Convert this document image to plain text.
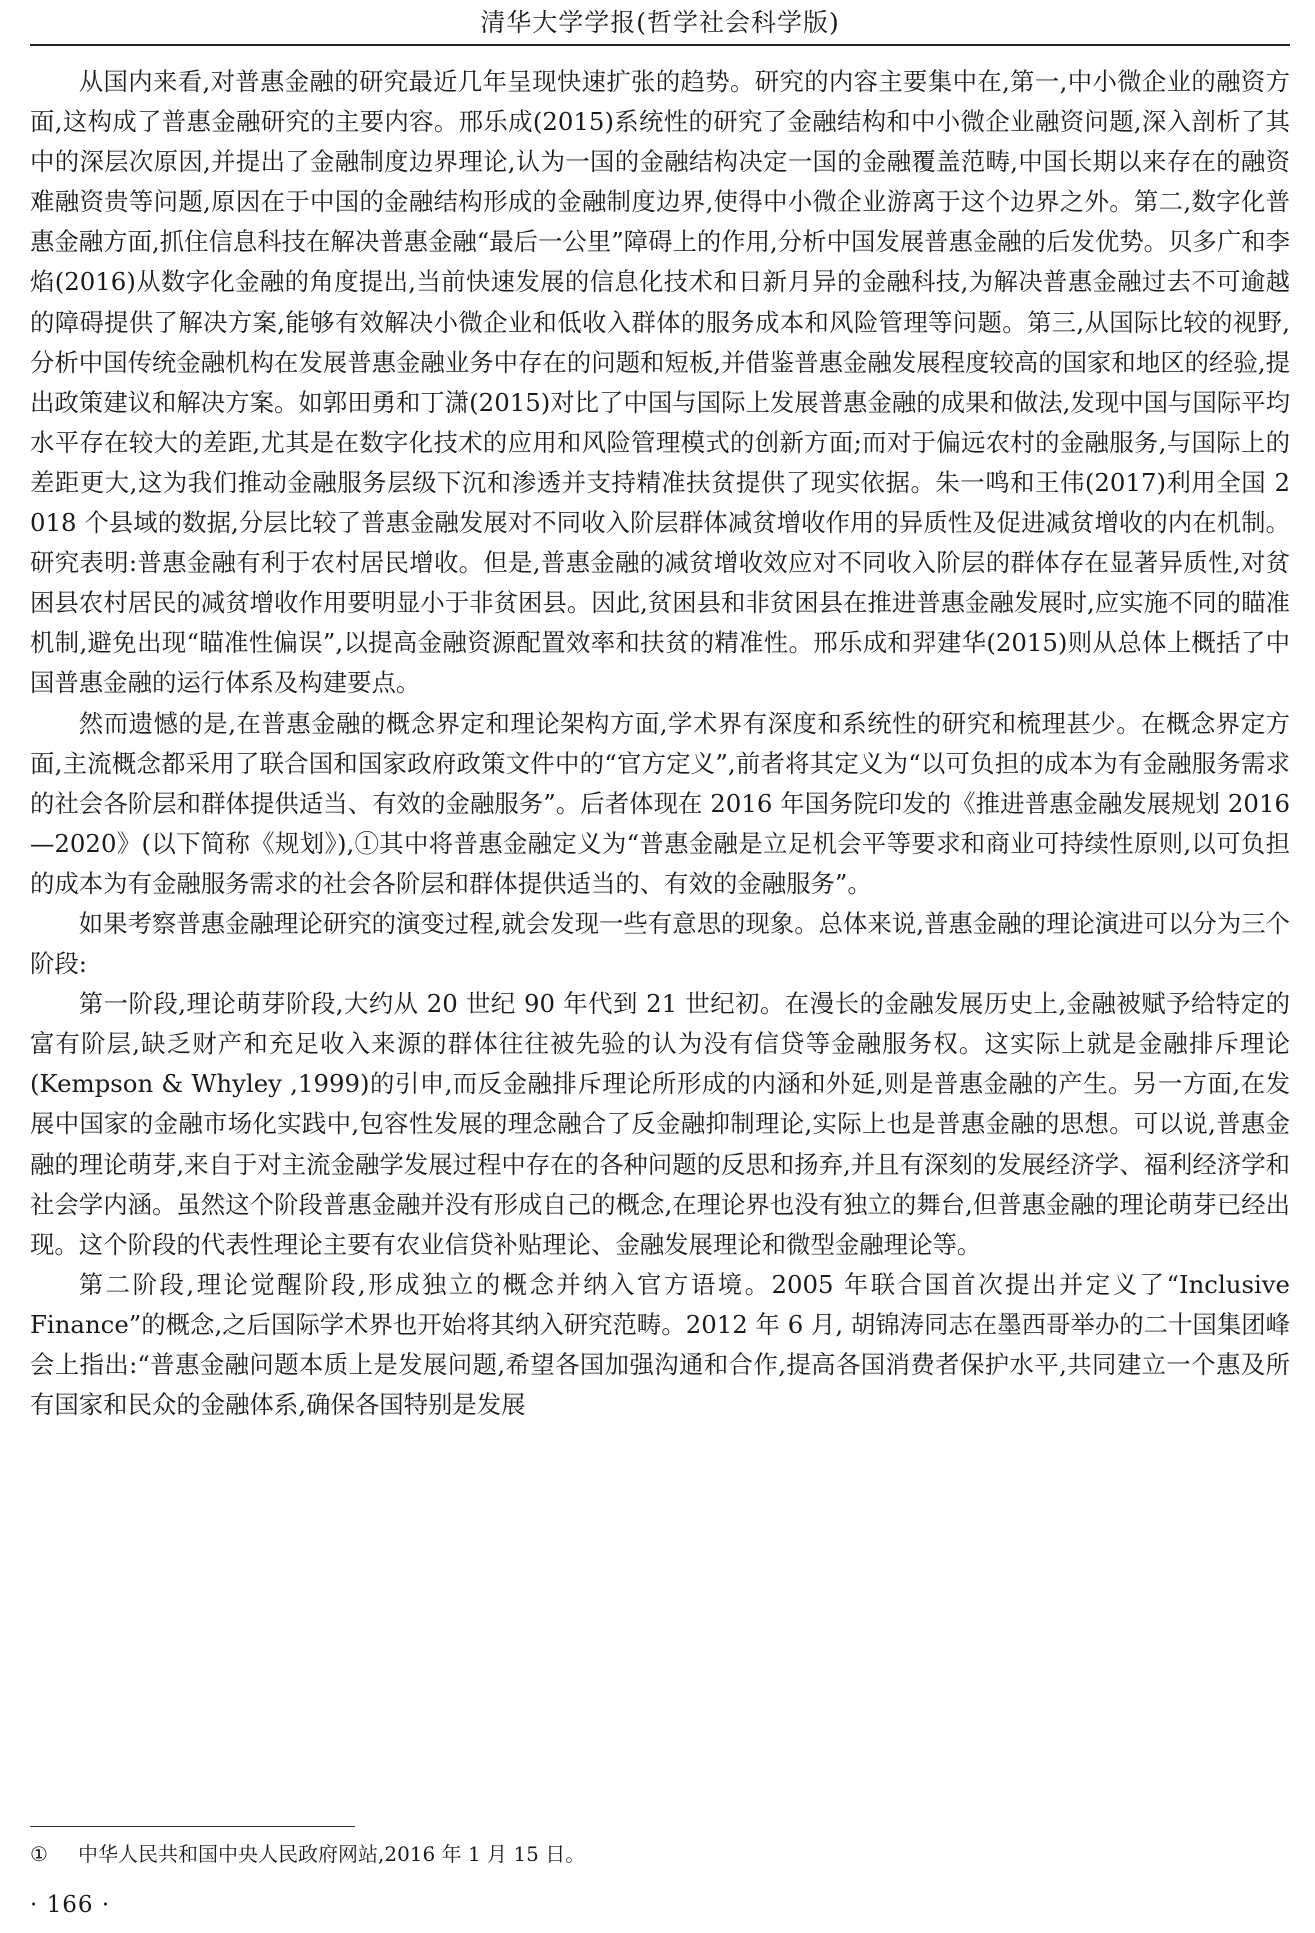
清华大学学报(哲学社会科学版)

从国内来看,对普惠金融的研究最近几年呈现快速扩张的趋势。研究的内容主要集中在,第一,中小微企业的融资方面,这构成了普惠金融研究的主要内容。邢乐成(2015)系统性的研究了金融结构和中小微企业融资问题,深入剖析了其中的深层次原因,并提出了金融制度边界理论,认为一国的金融结构决定一国的金融覆盖范畴,中国长期以来存在的融资难融资贵等问题,原因在于中国的金融结构形成的金融制度边界,使得中小微企业游离于这个边界之外。第二,数字化普惠金融方面,抓住信息科技在解决普惠金融“最后一公里”障碍上的作用,分析中国发展普惠金融的后发优势。贝多广和李焰(2016)从数字化金融的角度提出,当前快速发展的信息化技术和日新月异的金融科技,为解决普惠金融过去不可逾越的障碍提供了解决方案,能够有效解决小微企业和低收入群体的服务成本和风险管理等问题。第三,从国际比较的视野,分析中国传统金融机构在发展普惠金融业务中存在的问题和短板,并借鉴普惠金融发展程度较高的国家和地区的经验,提出政策建议和解决方案。如郭田勇和丁潇(2015)对比了中国与国际上发展普惠金融的成果和做法,发现中国与国际平均水平存在较大的差距,尤其是在数字化技术的应用和风险管理模式的创新方面;而对于偏远农村的金融服务,与国际上的差距更大,这为我们推动金融服务层级下沉和渗透并支持精准扶贫提供了现实依据。朱一鸣和王伟(2017)利用全国 2 018 个县域的数据,分层比较了普惠金融发展对不同收入阶层群体减贫增收作用的异质性及促进减贫增收的内在机制。研究表明:普惠金融有利于农村居民增收。但是,普惠金融的减贫增收效应对不同收入阶层的群体存在显著异质性,对贫困县农村居民的减贫增收作用要明显小于非贫困县。因此,贫困县和非贫困县在推进普惠金融发展时,应实施不同的瞄准机制,避免出现“瞄准性偏误”,以提高金融资源配置效率和扶贫的精准性。邢乐成和羿建华(2015)则从总体上概括了中国普惠金融的运行体系及构建要点。

然而遗憾的是,在普惠金融的概念界定和理论架构方面,学术界有深度和系统性的研究和梳理甚少。在概念界定方面,主流概念都采用了联合国和国家政府政策文件中的“官方定义”,前者将其定义为“以可负担的成本为有金融服务需求的社会各阶层和群体提供适当、有效的金融服务”。后者体现在 2016 年国务院印发的《推进普惠金融发展规划 2016—2020》(以下简称《规划》),①其中将普惠金融定义为“普惠金融是立足机会平等要求和商业可持续性原则,以可负担的成本为有金融服务需求的社会各阶层和群体提供适当的、有效的金融服务”。

如果考察普惠金融理论研究的演变过程,就会发现一些有意思的现象。总体来说,普惠金融的理论演进可以分为三个阶段:

第一阶段,理论萌芽阶段,大约从 20 世纪 90 年代到 21 世纪初。在漫长的金融发展历史上,金融被赋予给特定的富有阶层,缺乏财产和充足收入来源的群体往往被先验的认为没有信贷等金融服务权。这实际上就是金融排斥理论(Kempson & Whyley ,1999)的引申,而反金融排斥理论所形成的内涵和外延,则是普惠金融的产生。另一方面,在发展中国家的金融市场化实践中,包容性发展的理念融合了反金融抑制理论,实际上也是普惠金融的思想。可以说,普惠金融的理论萌芽,来自于对主流金融学发展过程中存在的各种问题的反思和扬弃,并且有深刻的发展经济学、福利经济学和社会学内涵。虽然这个阶段普惠金融并没有形成自己的概念,在理论界也没有独立的舞台,但普惠金融的理论萌芽已经出现。这个阶段的代表性理论主要有农业信贷补贴理论、金融发展理论和微型金融理论等。

第二阶段,理论觉醒阶段,形成独立的概念并纳入官方语境。2005 年联合国首次提出并定义了“Inclusive Finance”的概念,之后国际学术界也开始将其纳入研究范畴。2012 年 6 月, 胡锦涛同志在墨西哥举办的二十国集团峰会上指出:“普惠金融问题本质上是发展问题,希望各国加强沟通和合作,提高各国消费者保护水平,共同建立一个惠及所有国家和民众的金融体系,确保各国特别是发展

① 中华人民共和国中央人民政府网站,2016 年 1 月 15 日。
· 166 ·
